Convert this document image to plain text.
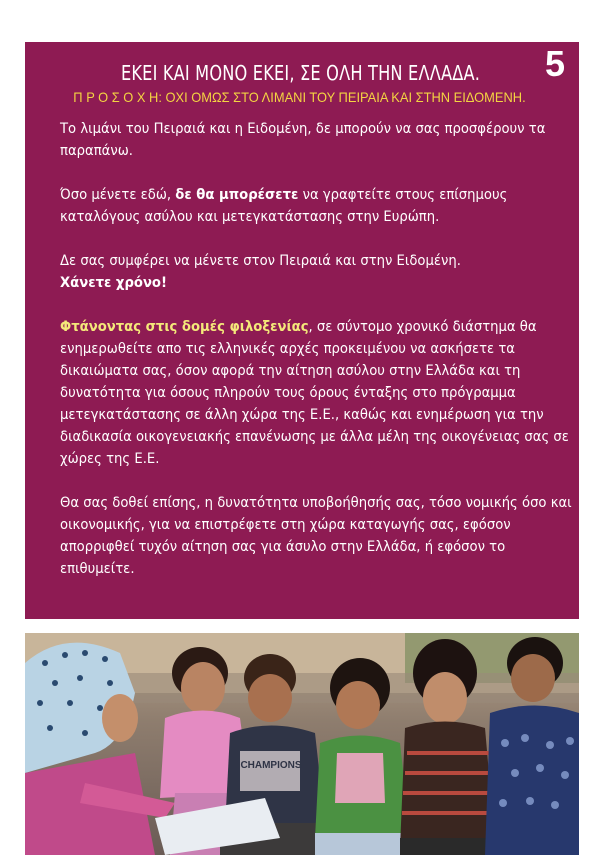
5
ΕΚΕΙ ΚΑΙ ΜΟΝΟ ΕΚΕΙ, ΣΕ ΟΛΗ ΤΗΝ ΕΛΛΑΔΑ.
Π Ρ Ο Σ Ο Χ Η: ΟΧΙ ΟΜΩΣ ΣΤΟ ΛΙΜΑΝΙ ΤΟΥ ΠΕΙΡΑΙΑ ΚΑΙ ΣΤΗΝ ΕΙΔΟΜΕΝΗ.

Το λιμάνι του Πειραιά και η Ειδομένη, δε μπορούν να σας προσφέρουν τα παραπάνω.

Όσο μένετε εδώ, δε θα μπορέσετε να γραφτείτε στους επίσημους καταλόγους ασύλου και μετεγκατάστασης στην Ευρώπη.

Δε σας συμφέρει να μένετε στον Πειραιά και στην Ειδομένη.
Χάνετε χρόνο!

Φτάνοντας στις δομές φιλοξενίας, σε σύντομο χρονικό διάστημα θα ενημερωθείτε απο τις ελληνικές αρχές προκειμένου να ασκήσετε τα δικαιώματα σας, όσον αφορά την αίτηση ασύλου στην Ελλάδα και τη δυνατότητα για όσους πληρούν τους όρους ένταξης στο πρόγραμμα μετεγκατάστασης σε άλλη χώρα της Ε.Ε., καθώς και ενημέρωση για την διαδικασία οικογενειακής επανένωσης με άλλα μέλη της οικογένειας σας σε χώρες της Ε.Ε.

Θα σας δοθεί επίσης, η δυνατότητα υποβοήθησής σας, τόσο νομικής όσο και οικονομικής, για να επιστρέφετε στη χώρα καταγωγής σας, εφόσον απορριφθεί τυχόν αίτηση σας για άσυλο στην Ελλάδα, ή εφόσον το επιθυμείτε.

CHAMPIONS
